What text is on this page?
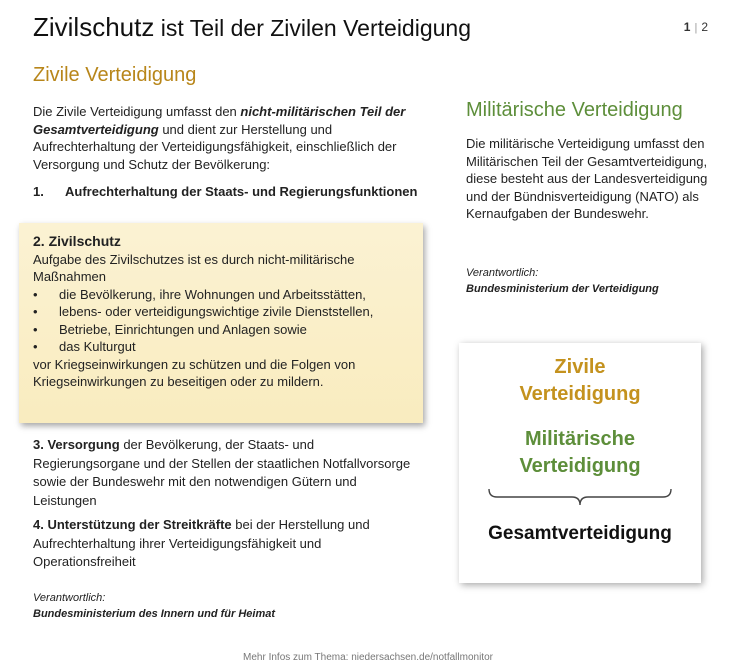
Zivilschutz ist Teil der Zivilen Verteidigung	1 | 2
Zivile Verteidigung
Die Zivile Verteidigung umfasst den nicht-militärischen Teil der Gesamtverteidigung und dient zur Herstellung und Aufrechterhaltung der Verteidigungsfähigkeit, einschließlich der Versorgung und Schutz der Bevölkerung:
1. Aufrechterhaltung der Staats- und Regierungsfunktionen
2. Zivilschutz
Aufgabe des Zivilschutzes ist es durch nicht-militärische Maßnahmen
• die Bevölkerung, ihre Wohnungen und Arbeitsstätten,
• lebens- oder verteidigungswichtige zivile Dienststellen,
• Betriebe, Einrichtungen und Anlagen sowie
• das Kulturgut
vor Kriegseinwirkungen zu schützen und die Folgen von Kriegseinwirkungen zu beseitigen oder zu mildern.
3. Versorgung der Bevölkerung, der Staats- und Regierungsorgane und der Stellen der staatlichen Notfallvorsorge sowie der Bundeswehr mit den notwendigen Gütern und Leistungen
4. Unterstützung der Streitkräfte bei der Herstellung und Aufrechterhaltung ihrer Verteidigungsfähigkeit und Operationsfreiheit
Verantwortlich:
Bundesministerium des Innern und für Heimat
Militärische Verteidigung
Die militärische Verteidigung umfasst den Militärischen Teil der Gesamtverteidigung, diese besteht aus der Landesverteidigung und der Bündnisverteidigung (NATO) als Kernaufgaben der Bundeswehr.
Verantwortlich:
Bundesministerium der Verteidigung
Zivile
Verteidigung
Militärische
Verteidigung
Gesamtverteidigung
Mehr Infos zum Thema: niedersachsen.de/notfallmonitor
